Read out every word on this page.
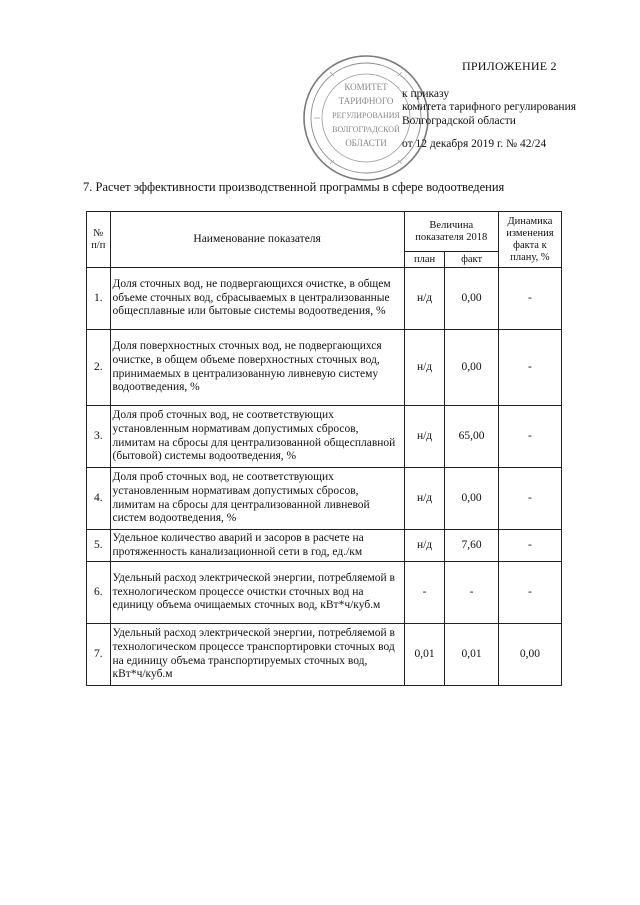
КОМИТЕТ
ТАРИФНОГО
РЕГУЛИРОВАНИЯ
ВОЛГОГРАДСКОЙ
ОБЛАСТИ
ПРИЛОЖЕНИЕ 2
к приказу
комитета тарифного регулирования
Волгоградской области
от 12 декабря 2019 г. № 42/24
7. Расчет эффективности производственной программы в сфере водоотведения
№ п/п	Наименование показателя	Величина показателя 2018		Динамика изменения факта к плану, %
		план	факт	
1.	Доля сточных вод, не подвергающихся очистке, в общем объеме сточных вод, сбрасываемых в централизованные общесплавные или бытовые системы водоотведения, %	н/д	0,00	-
2.	Доля поверхностных сточных вод, не подвергающихся очистке, в общем объеме поверхностных сточных вод, принимаемых в централизованную ливневую систему водоотведения, %	н/д	0,00	-
3.	Доля проб сточных вод, не соответствующих установленным нормативам допустимых сбросов, лимитам на сбросы для централизованной общесплавной (бытовой) системы водоотведения, %	н/д	65,00	-
4.	Доля проб сточных вод, не соответствующих установленным нормативам допустимых сбросов, лимитам на сбросы для централизованной ливневой систем водоотведения, %	н/д	0,00	-
5.	Удельное количество аварий и засоров в расчете на протяженность канализационной сети в год, ед./км	н/д	7,60	-
6.	Удельный расход электрической энергии, потребляемой в технологическом процессе очистки сточных вод на единицу объема очищаемых сточных вод, кВт*ч/куб.м	-	-	-
7.	Удельный расход электрической энергии, потребляемой в технологическом процессе транспортировки сточных вод на единицу объема транспортируемых сточных вод, кВт*ч/куб.м	0,01	0,01	0,00
